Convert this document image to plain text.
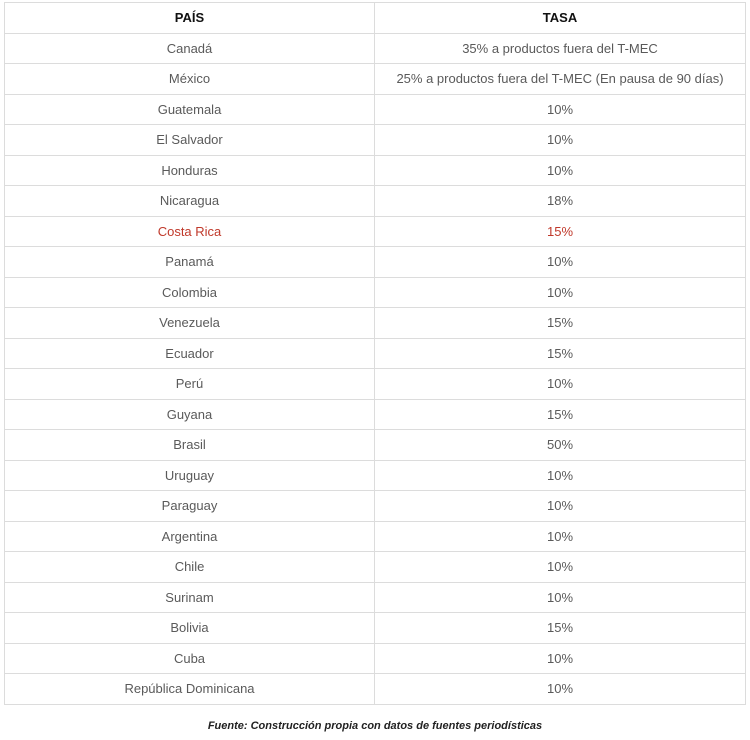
PAÍS	TASA
Canadá	35% a productos fuera del T-MEC
México	25% a productos fuera del T-MEC (En pausa de 90 días)
Guatemala	10%
El Salvador	10%
Honduras	10%
Nicaragua	18%
Costa Rica	15%
Panamá	10%
Colombia	10%
Venezuela	15%
Ecuador	15%
Perú	10%
Guyana	15%
Brasil	50%
Uruguay	10%
Paraguay	10%
Argentina	10%
Chile	10%
Surinam	10%
Bolivia	15%
Cuba	10%
República Dominicana	10%
Fuente: Construcción propia con datos de fuentes periodísticas
